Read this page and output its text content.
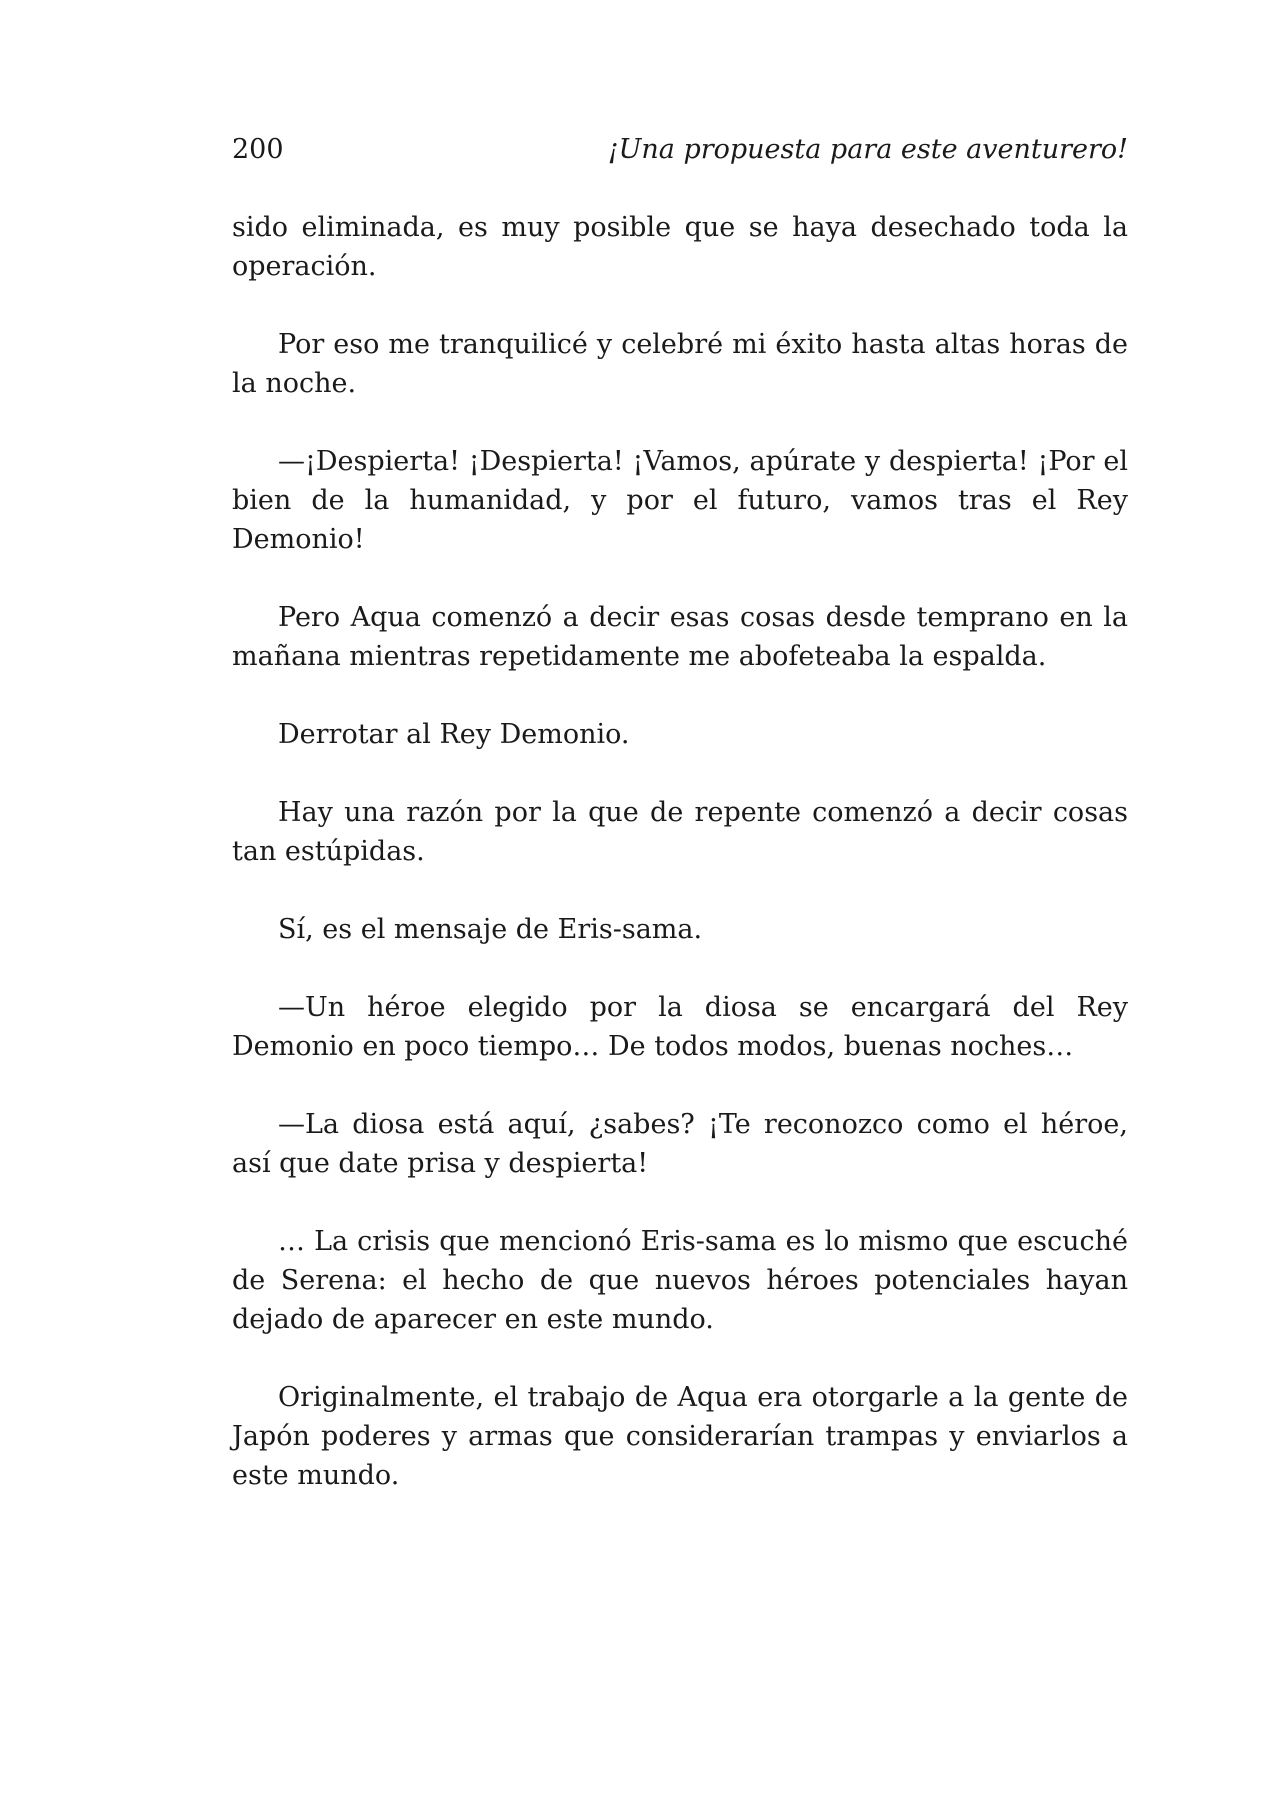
200	¡Una propuesta para este aventurero!

sido eliminada, es muy posible que se haya desechado toda la operación.

Por eso me tranquilicé y celebré mi éxito hasta altas horas de la noche.

—¡Despierta! ¡Despierta! ¡Vamos, apúrate y despierta! ¡Por el bien de la humanidad, y por el futuro, vamos tras el Rey Demonio!

Pero Aqua comenzó a decir esas cosas desde temprano en la mañana mientras repetidamente me abofeteaba la espalda.

Derrotar al Rey Demonio.

Hay una razón por la que de repente comenzó a decir cosas tan estúpidas.

Sí, es el mensaje de Eris-sama.

—Un héroe elegido por la diosa se encargará del Rey Demonio en poco tiempo… De todos modos, buenas noches…

—La diosa está aquí, ¿sabes? ¡Te reconozco como el héroe, así que date prisa y despierta!

… La crisis que mencionó Eris-sama es lo mismo que escuché de Serena: el hecho de que nuevos héroes potenciales hayan dejado de aparecer en este mundo.

Originalmente, el trabajo de Aqua era otorgarle a la gente de Japón poderes y armas que considerarían trampas y enviarlos a este mundo.
